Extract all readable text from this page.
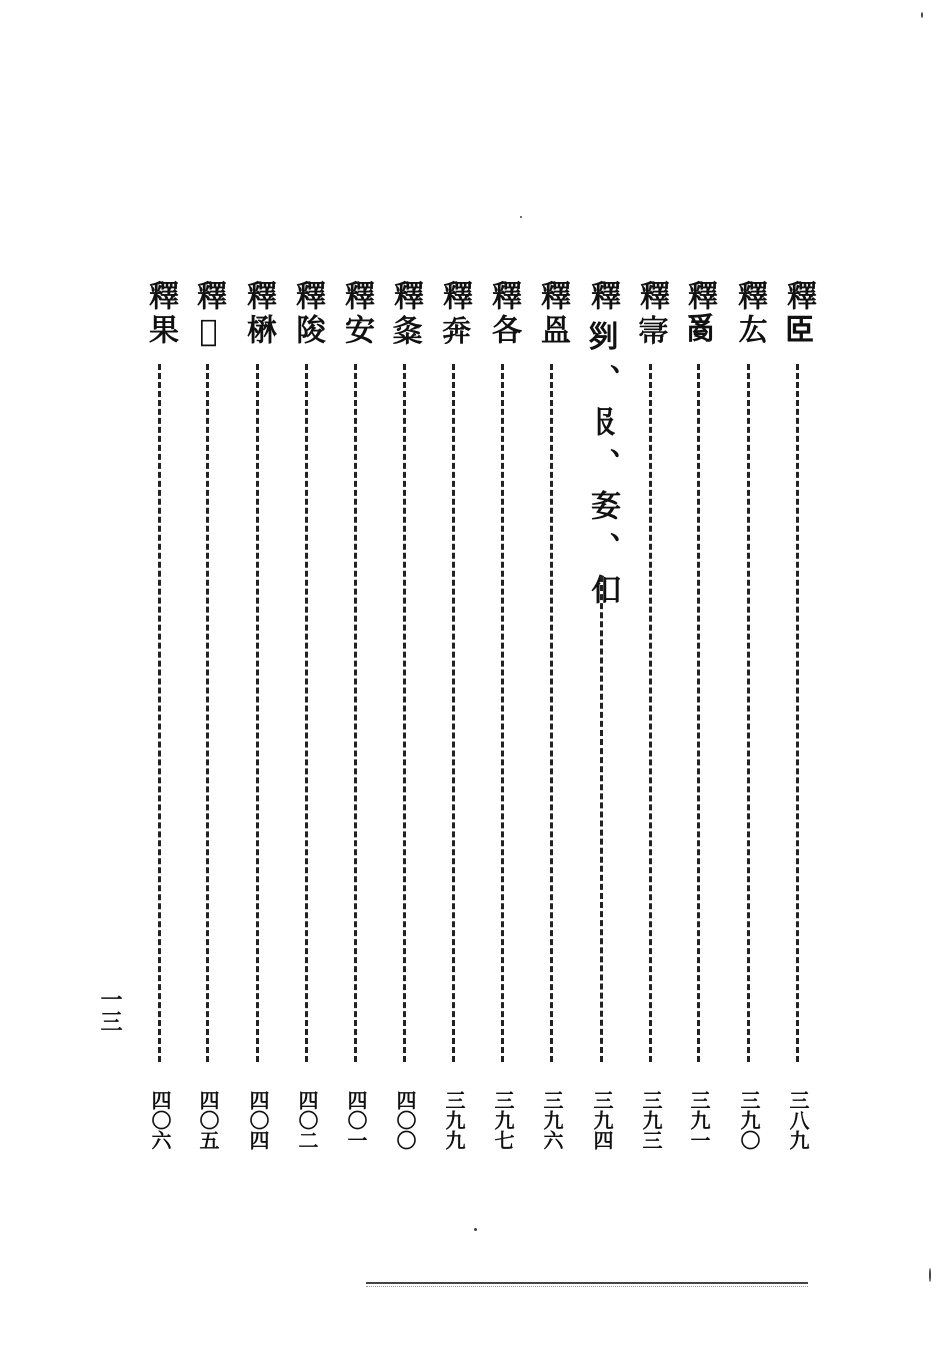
釋𦣞
三八九
釋厷
三九〇
釋𤔔
三九一
釋𡨦
三九三
釋𠛱、𠬝、㚣、㐰
三九四
釋𥁕
三九六
釋各
三九七
釋𢍃
三九九
釋𡕝
四〇〇
釋安
四〇一
釋陖
四〇二
釋楙
四〇四
釋𦶹
四〇五
釋果
四〇六
一三
